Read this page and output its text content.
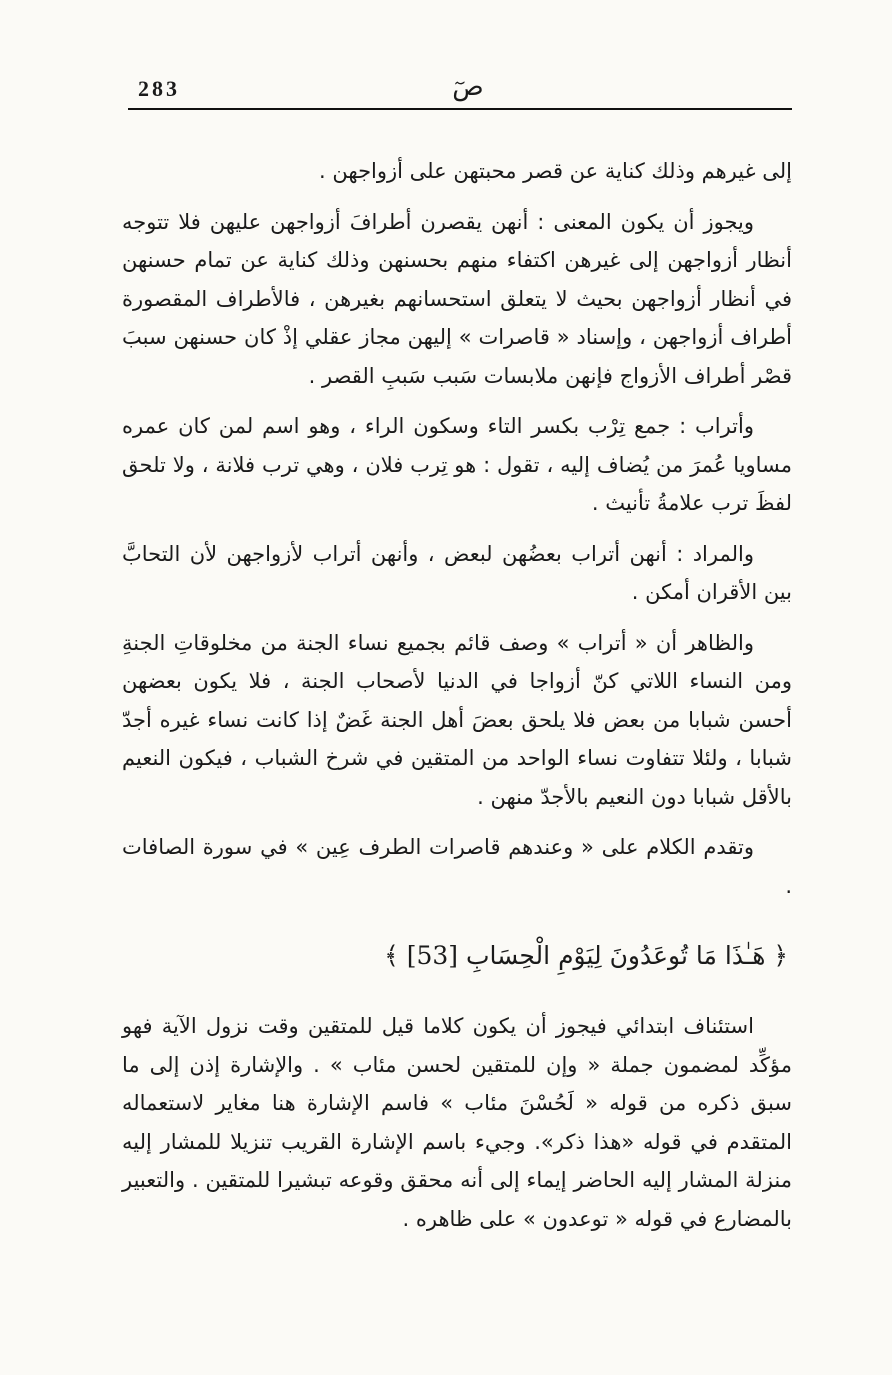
283	صٓ

إلى غيرهم وذلك كناية عن قصر محبتهن على أزواجهن .

ويجوز أن يكون المعنى : أنهن يقصرن أطرافَ أزواجهن عليهن فلا تتوجه أنظار أزواجهن إلى غيرهن اكتفاء منهم بحسنهن وذلك كناية عن تمام حسنهن في أنظار أزواجهن بحيث لا يتعلق استحسانهم بغيرهن ، فالأطراف المقصورة أطراف أزواجهن ، وإسناد « قاصرات » إليهن مجاز عقلي إذْ كان حسنهن سببَ قصْر أطراف الأزواج فإنهن ملابسات سَبب سَببِ القصر .

وأتراب : جمع تِرْب بكسر التاء وسكون الراء ، وهو اسم لمن كان عمره مساويا عُمرَ من يُضاف إليه ، تقول : هو تِرب فلان ، وهي ترب فلانة ، ولا تلحق لفظَ ترب علامةُ تأنيث .

والمراد : أنهن أتراب بعضُهن لبعض ، وأنهن أتراب لأزواجهن لأن التحابَّ بين الأقران أمكن .

والظاهر أن « أتراب » وصف قائم بجميع نساء الجنة من مخلوقاتِ الجنةِ ومن النساء اللاتي كنّ أزواجا في الدنيا لأصحاب الجنة ، فلا يكون بعضهن أحسن شبابا من بعض فلا يلحق بعضَ أهل الجنة غَضٌ إذا كانت نساء غيره أجدّ شبابا ، ولئلا تتفاوت نساء الواحد من المتقين في شرخ الشباب ، فيكون النعيم بالأقل شبابا دون النعيم بالأجدّ منهن .

وتقدم الكلام على « وعندهم قاصرات الطرف عِين » في سورة الصافات .

﴿ هَـٰذَا مَا تُوعَدُونَ لِيَوْمِ الْحِسَابِ [53] ﴾

استئناف ابتدائي فيجوز أن يكون كلاما قيل للمتقين وقت نزول الآية فهو مؤكِّد لمضمون جملة « وإن للمتقين لحسن مئاب » . والإشارة إذن إلى ما سبق ذكره من قوله « لَحُسْنَ مئاب » فاسم الإشارة هنا مغاير لاستعماله المتقدم في قوله «هذا ذكر». وجيء باسم الإشارة القريب تنزيلا للمشار إليه منزلة المشار إليه الحاضر إيماء إلى أنه محقق وقوعه تبشيرا للمتقين . والتعبير بالمضارع في قوله « توعدون » على ظاهره .
